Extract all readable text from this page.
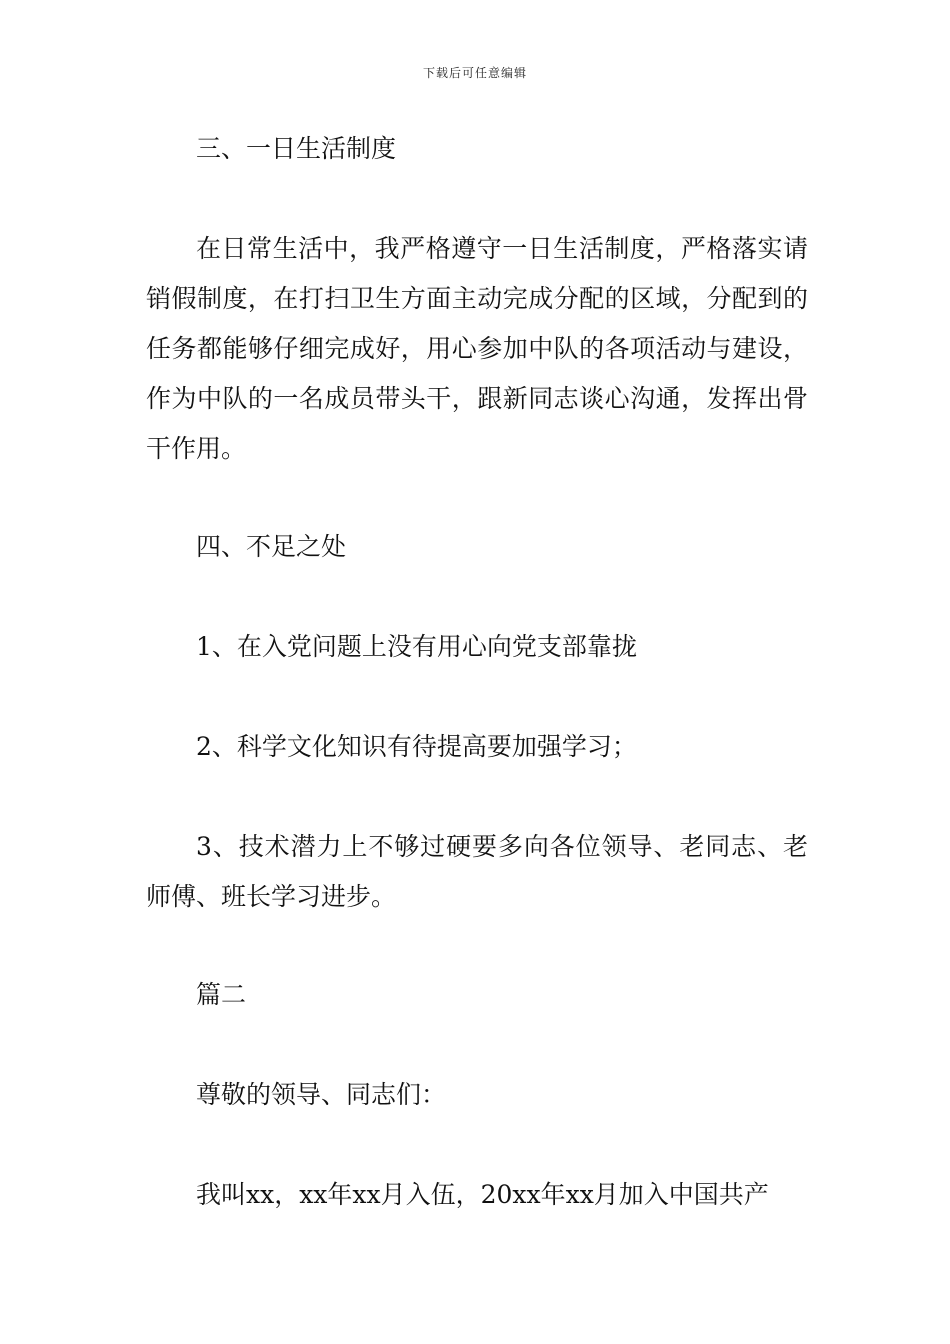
下载后可任意编辑

三、一日生活制度

在日常生活中，我严格遵守一日生活制度，严格落实请销假制度，在打扫卫生方面主动完成分配的区域，分配到的任务都能够仔细完成好，用心参加中队的各项活动与建设，作为中队的一名成员带头干，跟新同志谈心沟通，发挥出骨干作用。

四、不足之处

1、在入党问题上没有用心向党支部靠拢

2、科学文化知识有待提高要加强学习；

3、技术潜力上不够过硬要多向各位领导、老同志、老师傅、班长学习进步。

篇二

尊敬的领导、同志们：

我叫xx，xx年xx月入伍，20xx年xx月加入中国共产
